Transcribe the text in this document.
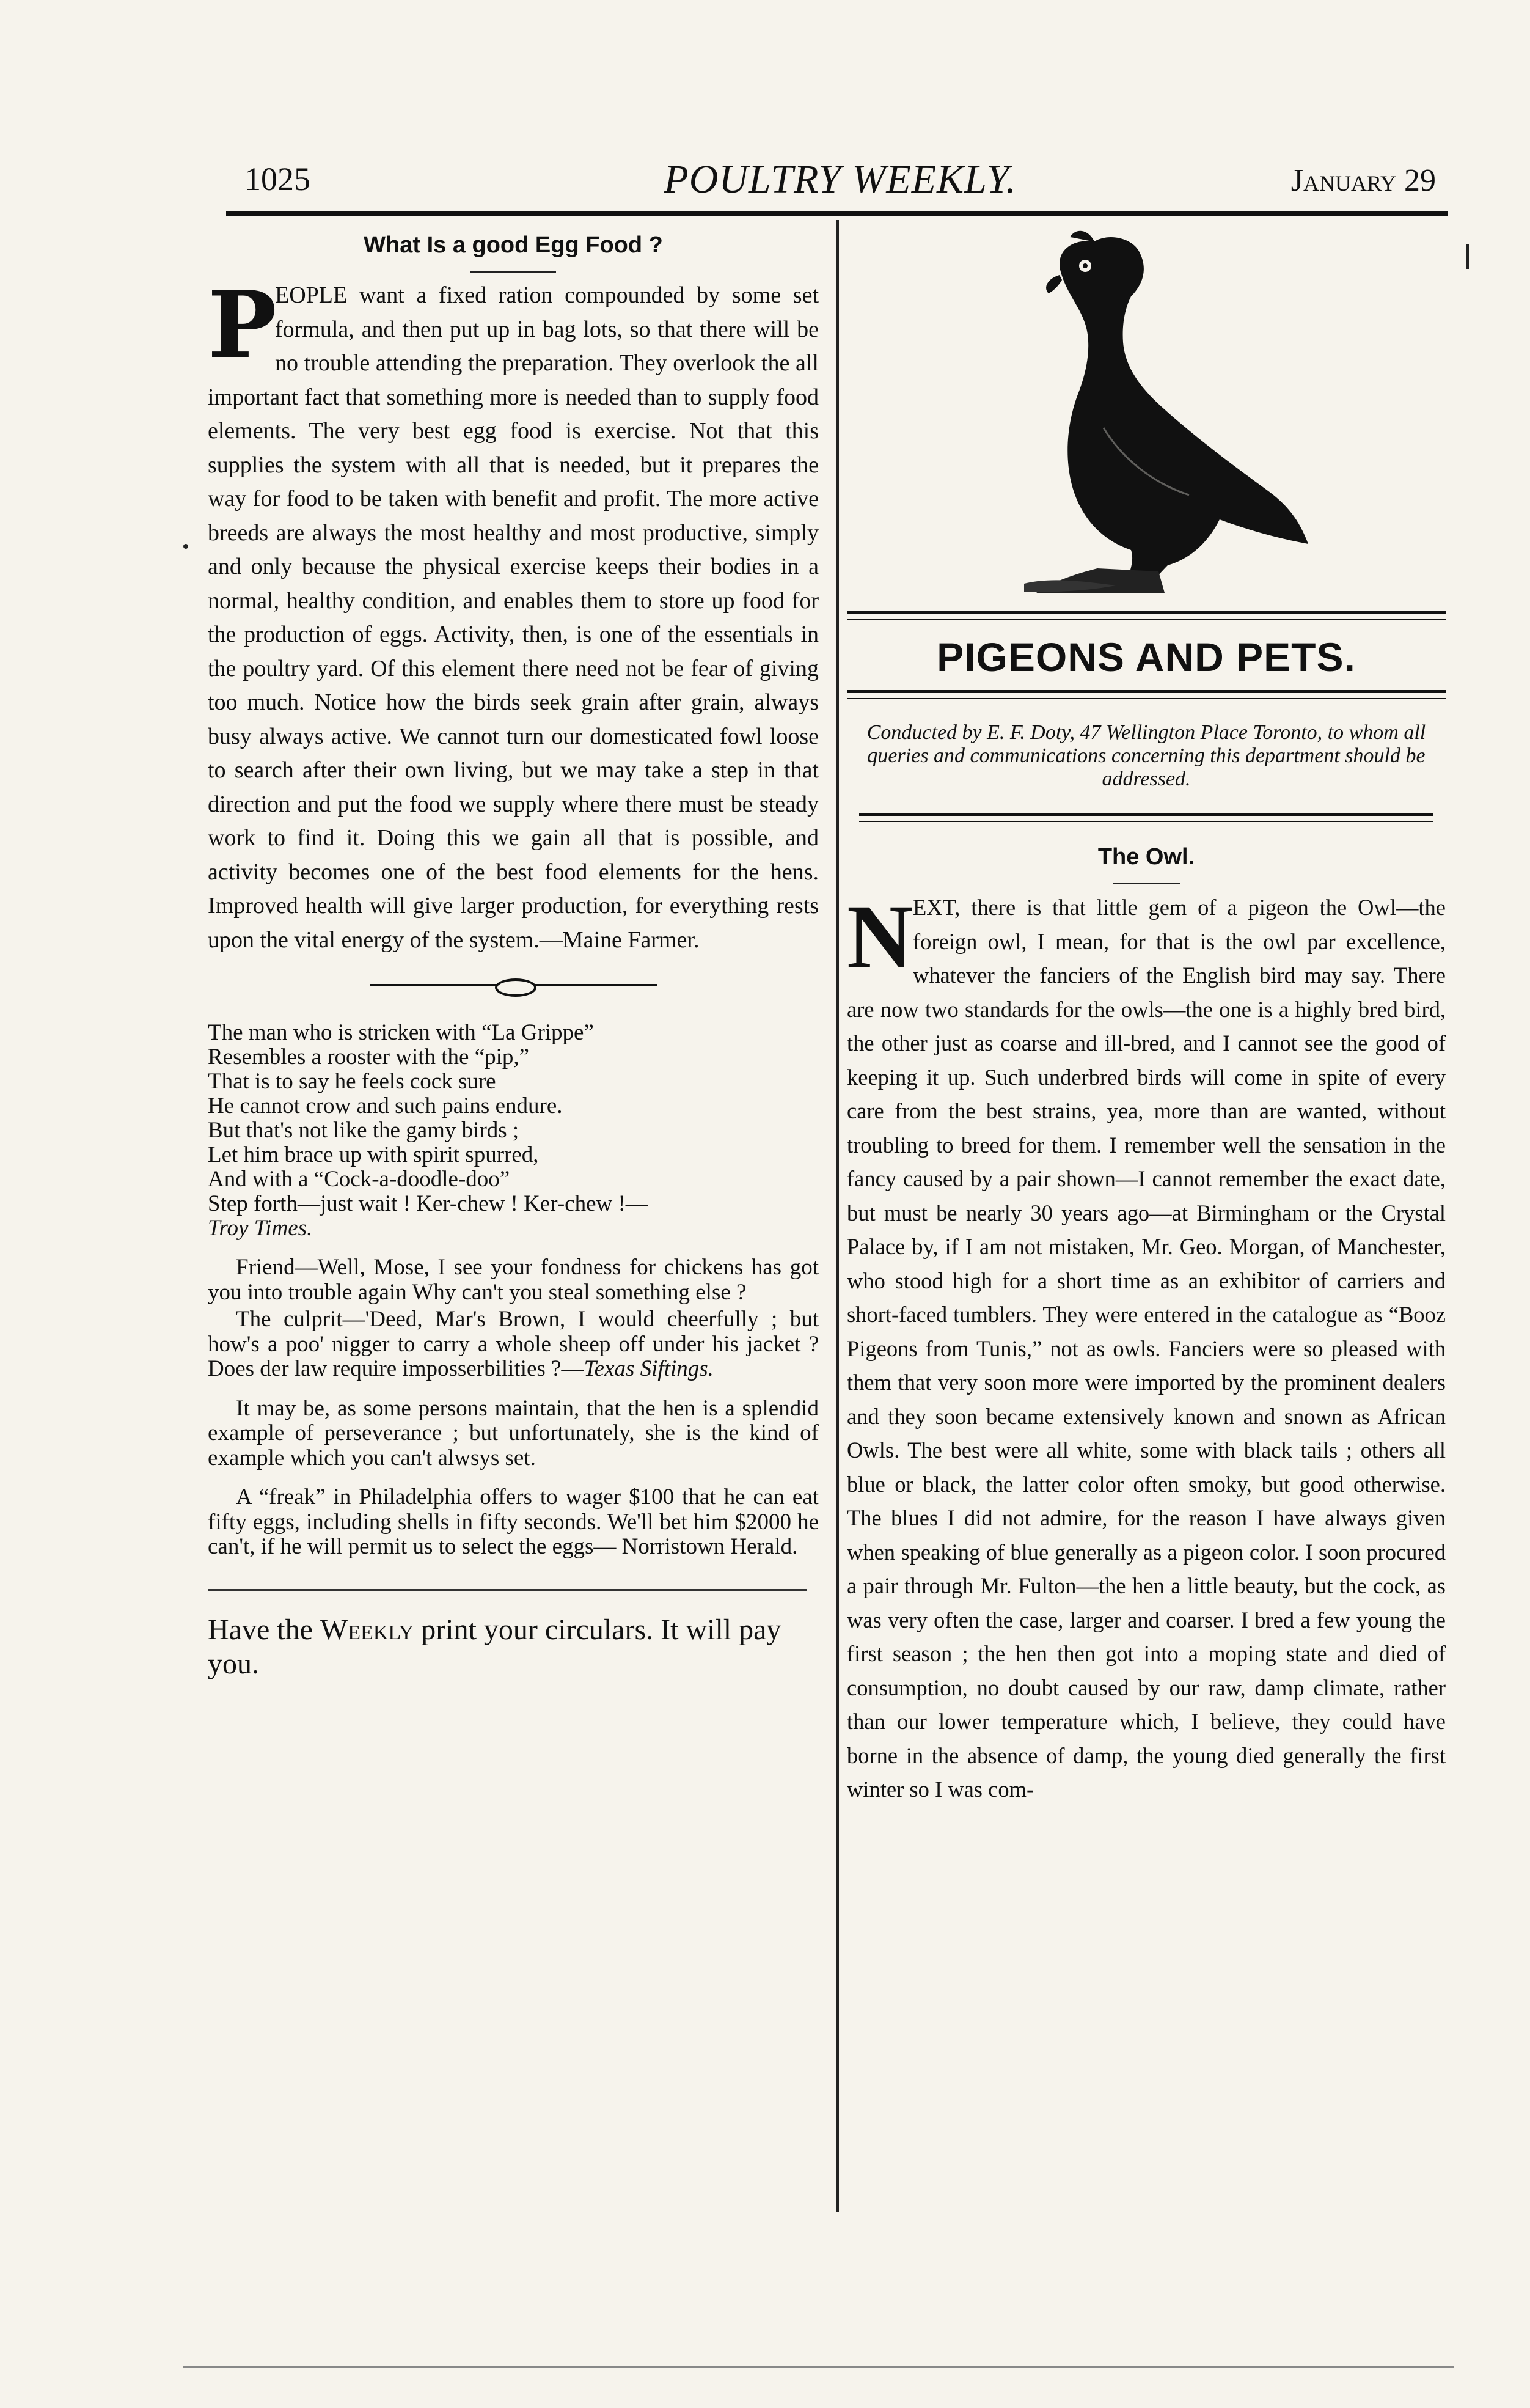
1025	POULTRY WEEKLY.	January 29
What Is a good Egg Food ?

P
EOPLE want a fixed ration compounded by some set formula, and then put up in bag lots, so that there will be no trouble attending the preparation. They overlook the all important fact that something more is needed than to supply food elements. The very best egg food is exercise. Not that this supplies the system with all that is needed, but it prepares the way for food to be taken with benefit and profit. The more active breeds are always the most healthy and most productive, simply and only because the physical exercise keeps their bodies in a normal, healthy condition, and enables them to store up food for the production of eggs. Activity, then, is one of the essentials in the poultry yard. Of this element there need not be fear of giving too much. Notice how the birds seek grain after grain, always busy always active. We cannot turn our domesticated fowl loose to search after their own living, but we may take a step in that direction and put the food we supply where there must be steady work to find it. Doing this we gain all that is possible, and activity becomes one of the best food elements for the hens. Improved health will give larger production, for everything rests upon the vital energy of the system.—Maine Farmer.

The man who is stricken with “La Grippe”
Resembles a rooster with the “pip,”
That is to say he feels cock sure
He cannot crow and such pains endure.
But that's not like the gamy birds ;
Let him brace up with spirit spurred,
And with a “Cock-a-doodle-doo”
Step forth—just wait ! Ker-chew ! Ker-chew !—
Troy Times.

Friend—Well, Mose, I see your fondness for chickens has got you into trouble again Why can't you steal something else ?

The culprit—'Deed, Mar's Brown, I would cheerfully ; but how's a poo' nigger to carry a whole sheep off under his jacket ? Does der law require imposserbilities ?—Texas Siftings.

It may be, as some persons maintain, that the hen is a splendid example of perseverance ; but unfortunately, she is the kind of example which you can't alwsys set.

A “freak” in Philadelphia offers to wager $100 that he can eat fifty eggs, including shells in fifty seconds. We'll bet him $2000 he can't, if he will permit us to select the eggs— Norristown Herald.

Have the Weekly print your circulars. It will pay you.

PIGEONS AND PETS.

Conducted by E. F. Doty, 47 Wellington Place Toronto, to whom all queries and communications concerning this department should be addressed.

The Owl.

N EXT, there is that little gem of a pigeon the Owl—the foreign owl, I mean, for that is the owl par excellence, whatever the fanciers of the English bird may say. There are now two standards for the owls—the one is a highly bred bird, the other just as coarse and ill-bred, and I cannot see the good of keeping it up. Such underbred birds will come in spite of every care from the best strains, yea, more than are wanted, without troubling to breed for them. I remember well the sensation in the fancy caused by a pair shown—I cannot remember the exact date, but must be nearly 30 years ago—at Birmingham or the Crystal Palace by, if I am not mistaken, Mr. Geo. Morgan, of Manchester, who stood high for a short time as an exhibitor of carriers and short-faced tumblers. They were entered in the catalogue as “Booz Pigeons from Tunis,” not as owls. Fanciers were so pleased with them that very soon more were imported by the prominent dealers and they soon became extensively known and snown as African Owls. The best were all white, some with black tails ; others all blue or black, the latter color often smoky, but good otherwise. The blues I did not admire, for the reason I have always given when speaking of blue generally as a pigeon color. I soon procured a pair through Mr. Fulton—the hen a little beauty, but the cock, as was very often the case, larger and coarser. I bred a few young the first season ; the hen then got into a moping state and died of consumption, no doubt caused by our raw, damp climate, rather than our lower temperature which, I believe, they could have borne in the absence of damp, the young died generally the first winter so I was com-
